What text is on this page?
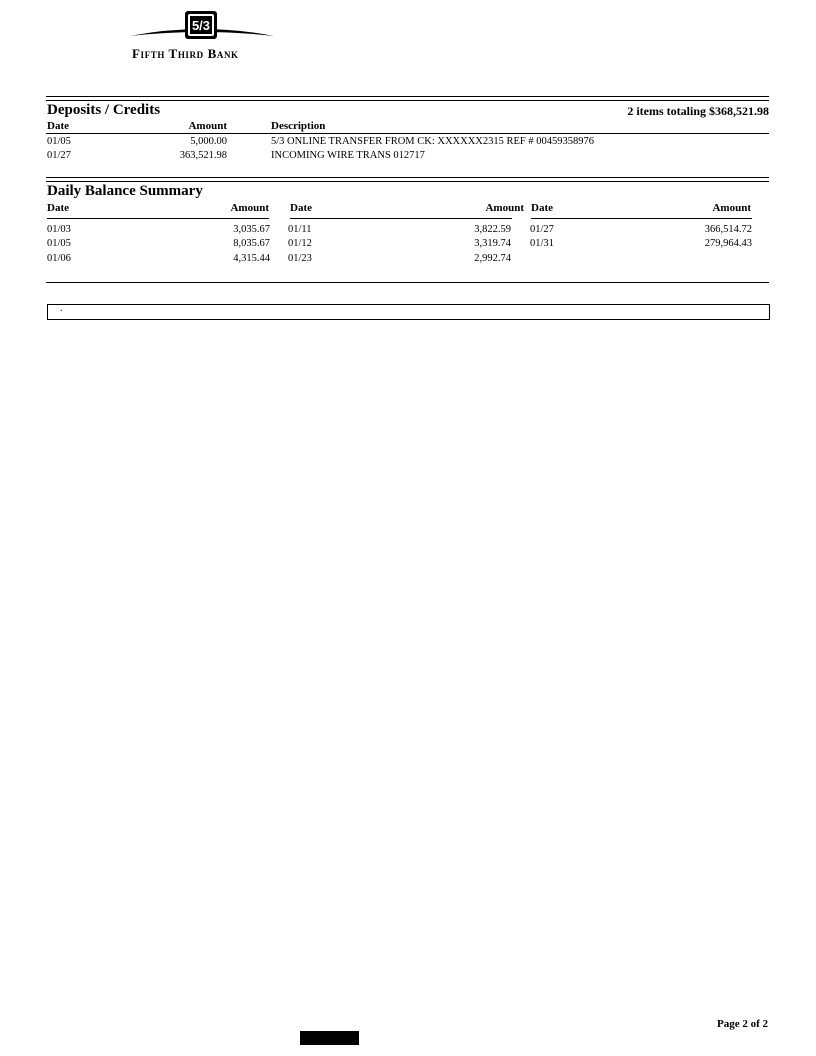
5/3
Fifth Third Bank
Deposits / Credits	2 items totaling $368,521.98
Date	Amount	Description
01/05	5,000.00	5/3 ONLINE TRANSFER FROM CK: XXXXXX2315 REF # 00459358976
01/27	363,521.98	INCOMING WIRE TRANS 012717
Daily Balance Summary
Date	Amount
01/03	3,035.67
01/05	8,035.67
01/06	4,315.44
Date	Amount
01/11	3,822.59
01/12	3,319.74
01/23	2,992.74
Date	Amount
01/27	366,514.72
01/31	279,964.43
.
Page 2 of 2
